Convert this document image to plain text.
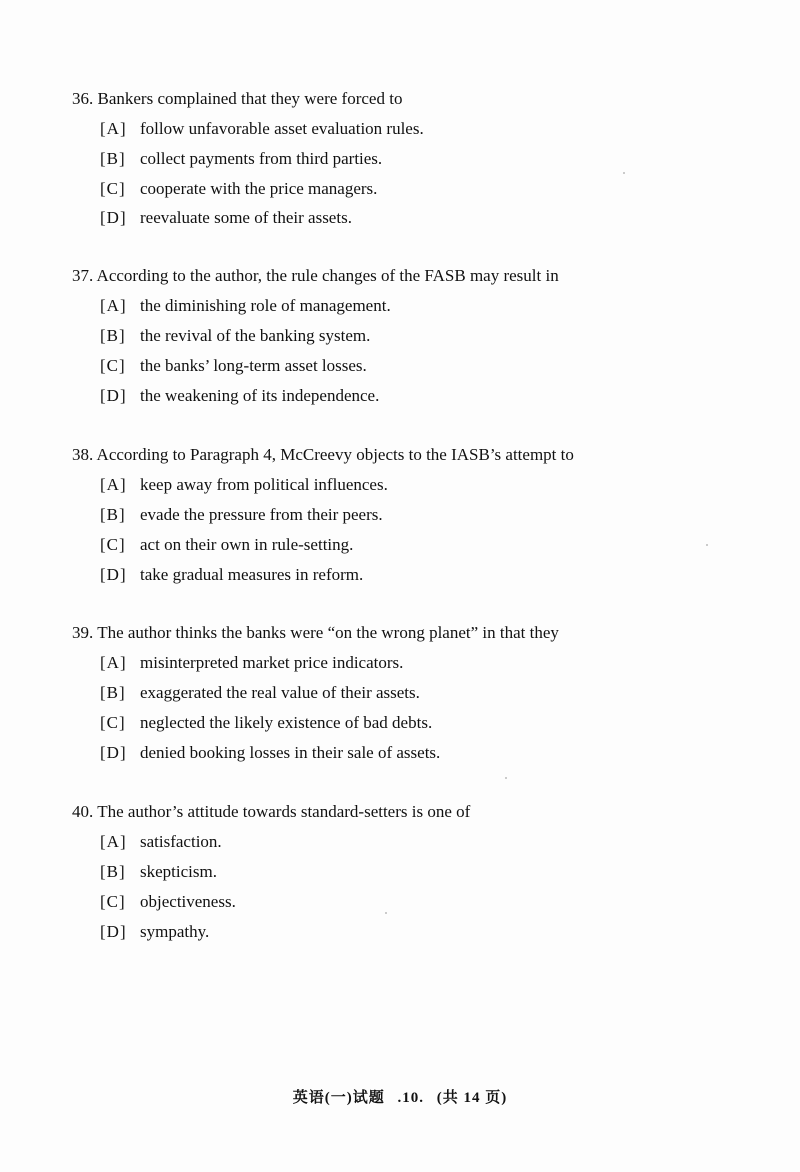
36. Bankers complained that they were forced to
[A] follow unfavorable asset evaluation rules.
[B] collect payments from third parties.
[C] cooperate with the price managers.
[D] reevaluate some of their assets.
37. According to the author, the rule changes of the FASB may result in
[A] the diminishing role of management.
[B] the revival of the banking system.
[C] the banks’ long-term asset losses.
[D] the weakening of its independence.
38. According to Paragraph 4, McCreevy objects to the IASB’s attempt to
[A] keep away from political influences.
[B] evade the pressure from their peers.
[C] act on their own in rule-setting.
[D] take gradual measures in reform.
39. The author thinks the banks were “on the wrong planet” in that they
[A] misinterpreted market price indicators.
[B] exaggerated the real value of their assets.
[C] neglected the likely existence of bad debts.
[D] denied booking losses in their sale of assets.
40. The author’s attitude towards standard-setters is one of
[A] satisfaction.
[B] skepticism.
[C] objectiveness.
[D] sympathy.
英语(一)试题 .10. (共 14 页)
